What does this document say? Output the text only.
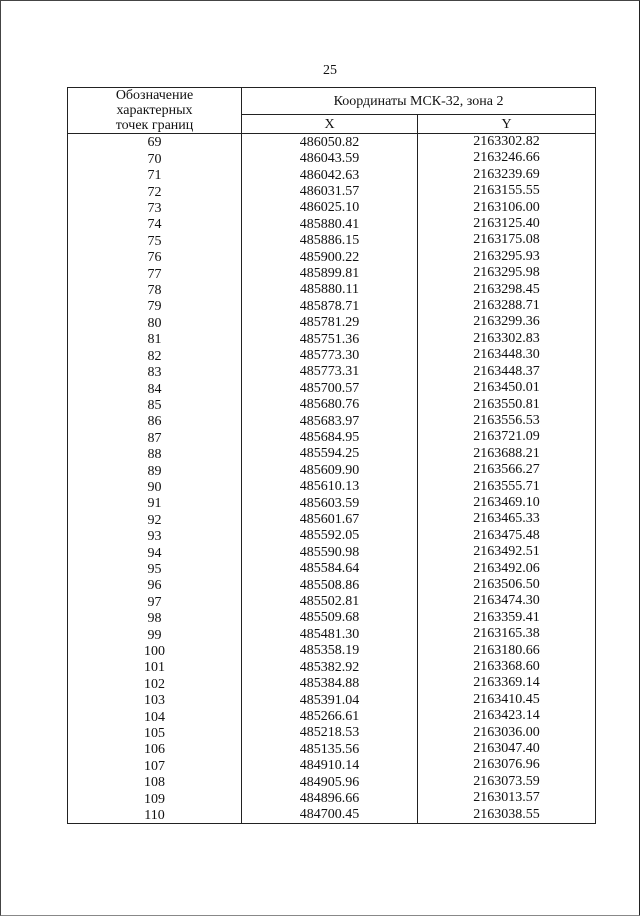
25
Обозначение
характерных
точек границ	Координаты МСК-32, зона 2	
	X	Y
69	486050.82	2163302.82
70	486043.59	2163246.66
71	486042.63	2163239.69
72	486031.57	2163155.55
73	486025.10	2163106.00
74	485880.41	2163125.40
75	485886.15	2163175.08
76	485900.22	2163295.93
77	485899.81	2163295.98
78	485880.11	2163298.45
79	485878.71	2163288.71
80	485781.29	2163299.36
81	485751.36	2163302.83
82	485773.30	2163448.30
83	485773.31	2163448.37
84	485700.57	2163450.01
85	485680.76	2163550.81
86	485683.97	2163556.53
87	485684.95	2163721.09
88	485594.25	2163688.21
89	485609.90	2163566.27
90	485610.13	2163555.71
91	485603.59	2163469.10
92	485601.67	2163465.33
93	485592.05	2163475.48
94	485590.98	2163492.51
95	485584.64	2163492.06
96	485508.86	2163506.50
97	485502.81	2163474.30
98	485509.68	2163359.41
99	485481.30	2163165.38
100	485358.19	2163180.66
101	485382.92	2163368.60
102	485384.88	2163369.14
103	485391.04	2163410.45
104	485266.61	2163423.14
105	485218.53	2163036.00
106	485135.56	2163047.40
107	484910.14	2163076.96
108	484905.96	2163073.59
109	484896.66	2163013.57
110	484700.45	2163038.55
